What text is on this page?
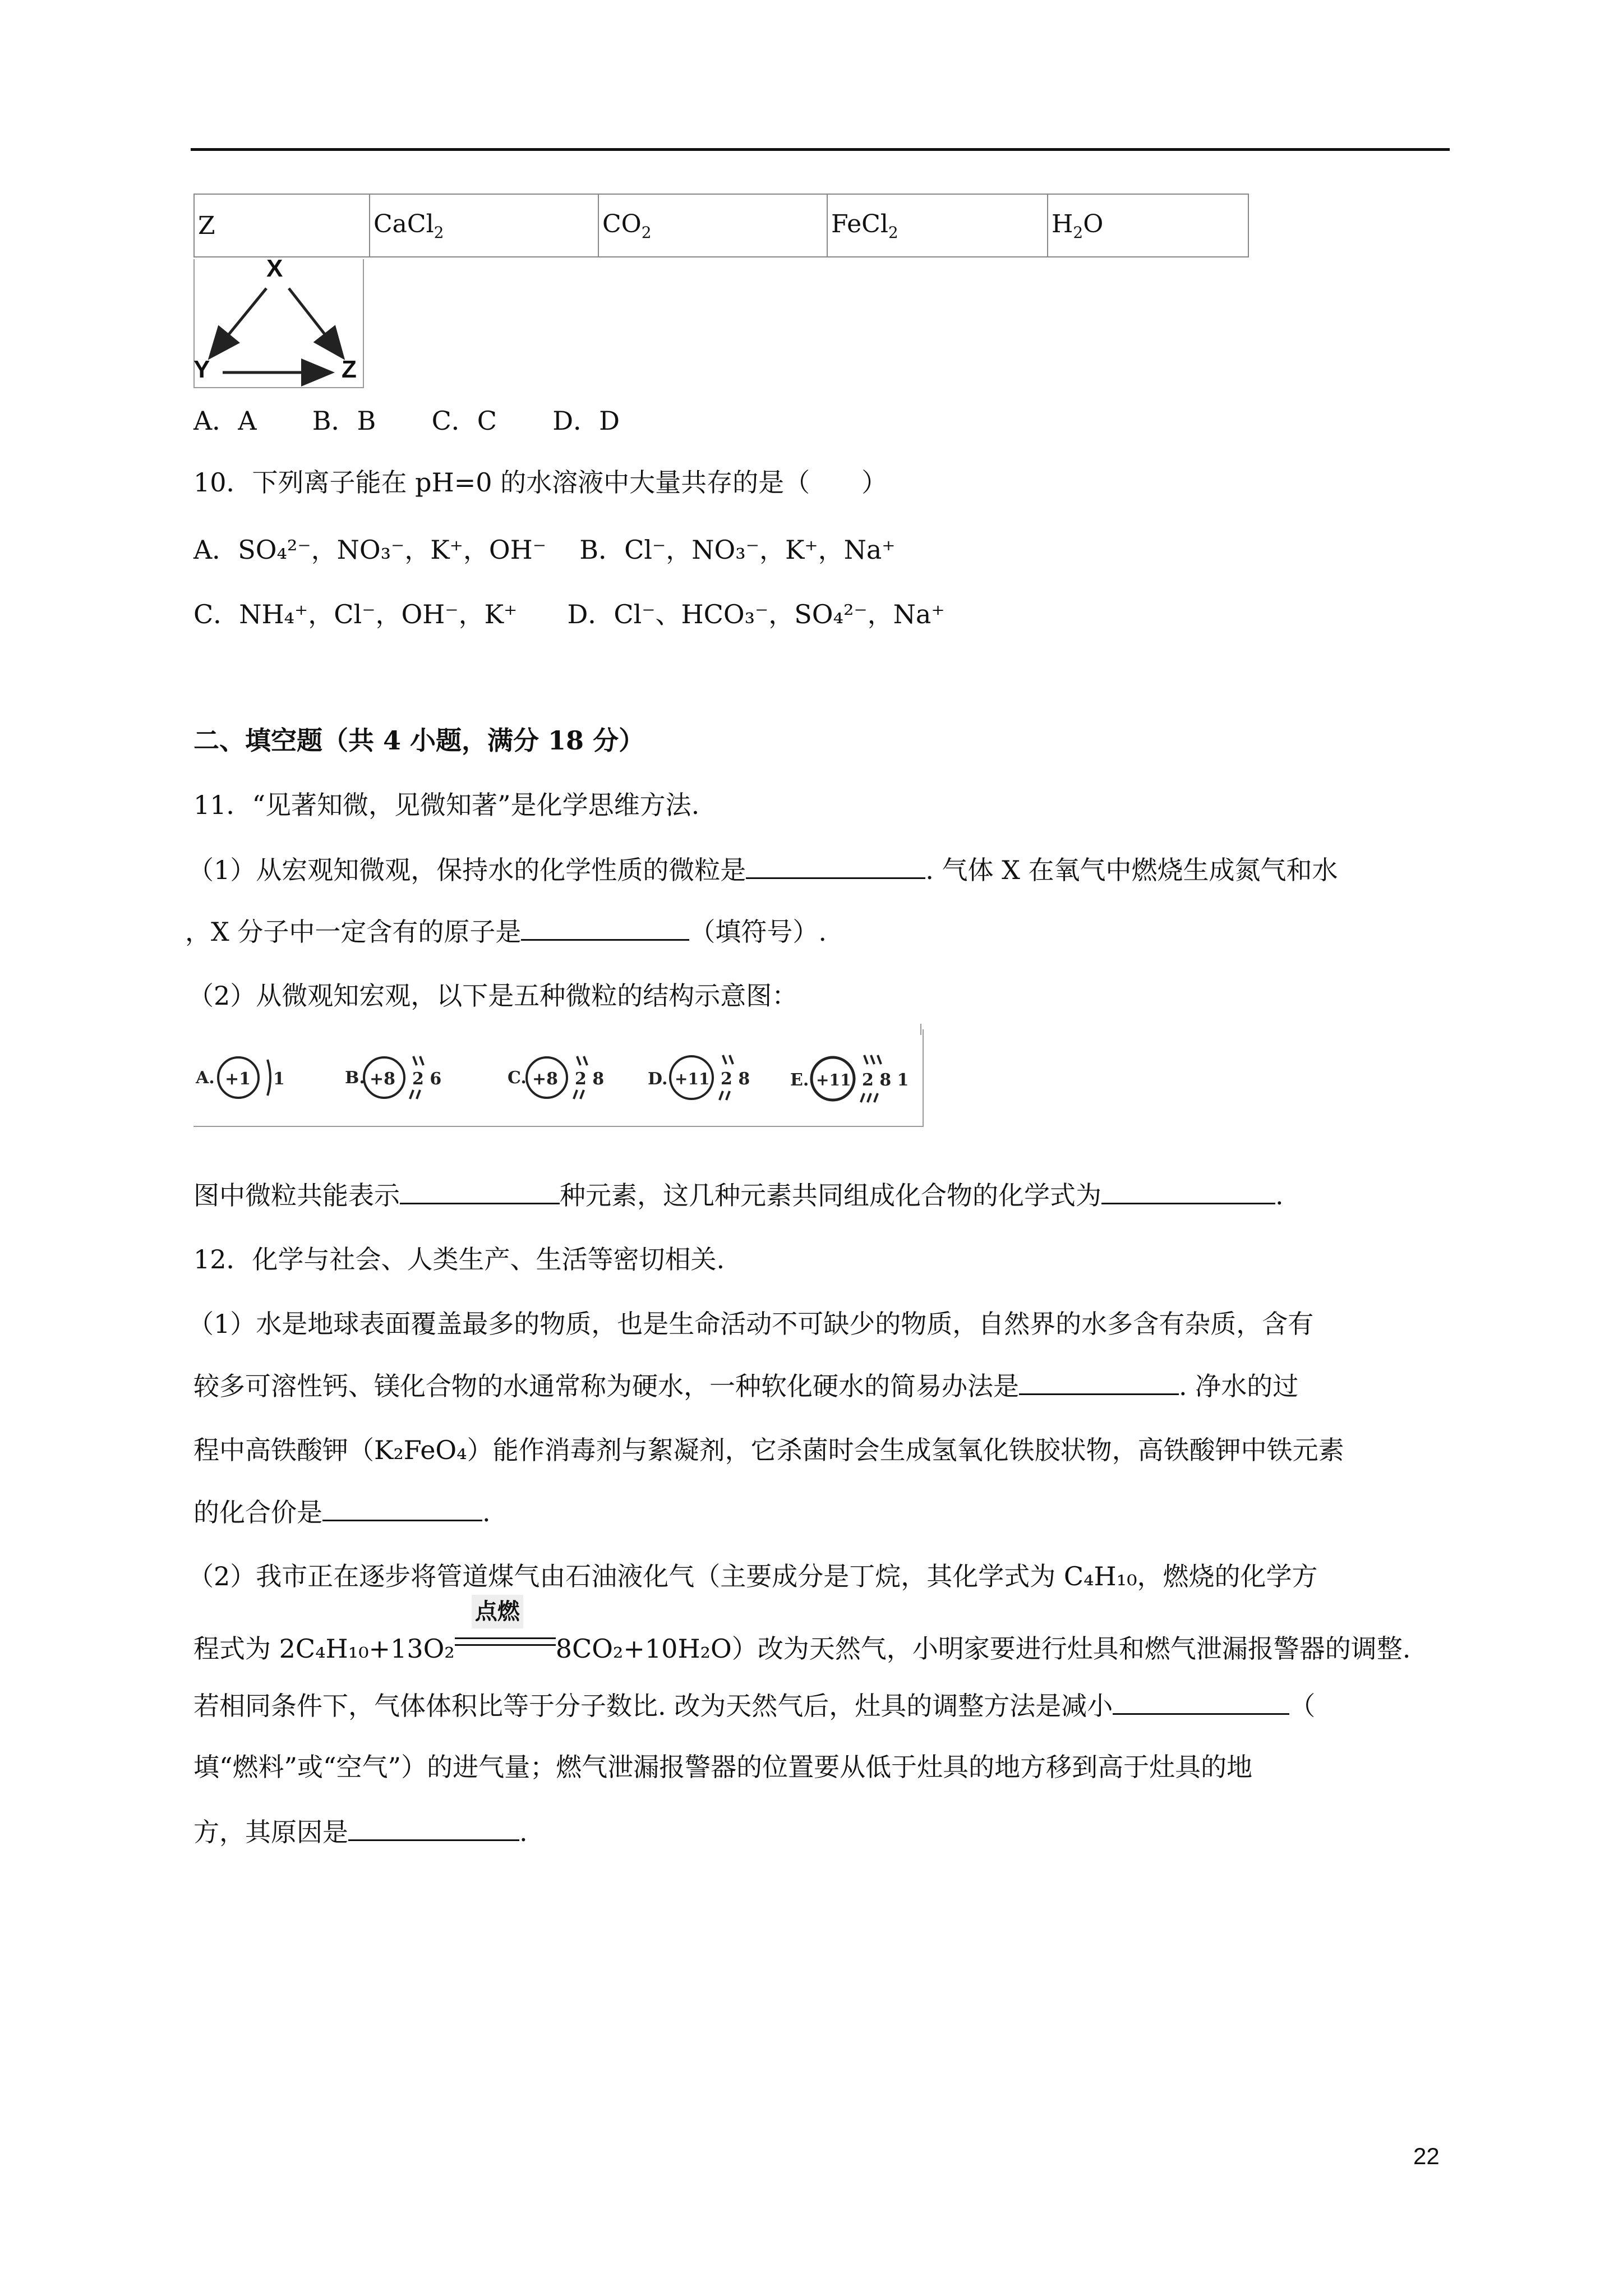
Z	CaCl$_2$	$CO_2$	FeCl$_2$	$H_2O$
X
Y	Z
A．A B．B C．C D．D
10．下列离子能在 pH=0 的水溶液中大量共存的是（　　）
A．SO₄²⁻，NO₃⁻，K⁺，OH⁻ B．Cl⁻，NO₃⁻，K⁺，Na⁺
C．NH₄⁺，Cl⁻，OH⁻，K⁺ D．Cl⁻、HCO₃⁻，SO₄²⁻，Na⁺
二、填空题（共 4 小题，满分 18 分）
11．“见著知微，见微知著”是化学思维方法.
（1）从宏观知微观，保持水的化学性质的微粒是	. 气体 X 在氧气中燃烧生成氮气和水
，X 分子中一定含有的原子是	（填符号）.
（2）从微观知宏观，以下是五种微粒的结构示意图：
A. +1 1	B. +8 2 6	C. +8 2 8	D. +11 2 8 E. +11 2 8 1
图中微粒共能表示	种元素，这几种元素共同组成化合物的化学式为	.
12．化学与社会、人类生产、生活等密切相关.
（1）水是地球表面覆盖最多的物质，也是生命活动不可缺少的物质，自然界的水多含有杂质，含有
较多可溶性钙、镁化合物的水通常称为硬水，一种软化硬水的简易办法是	. 净水的过
程中高铁酸钾（K₂FeO₄）能作消毒剂与絮凝剂，它杀菌时会生成氢氧化铁胶状物，高铁酸钾中铁元素
的化合价是	.
（2）我市正在逐步将管道煤气由石油液化气（主要成分是丁烷，其化学式为 C₄H₁₀，燃烧的化学方
程式为 2C₄H₁₀+13O₂
点燃
8CO₂+10H₂O）改为天然气，小明家要进行灶具和燃气泄漏报警器的调整.
若相同条件下，气体体积比等于分子数比. 改为天然气后，灶具的调整方法是减小	（
填“燃料”或“空气”）的进气量；燃气泄漏报警器的位置要从低于灶具的地方移到高于灶具的地
方，其原因是	.
22
